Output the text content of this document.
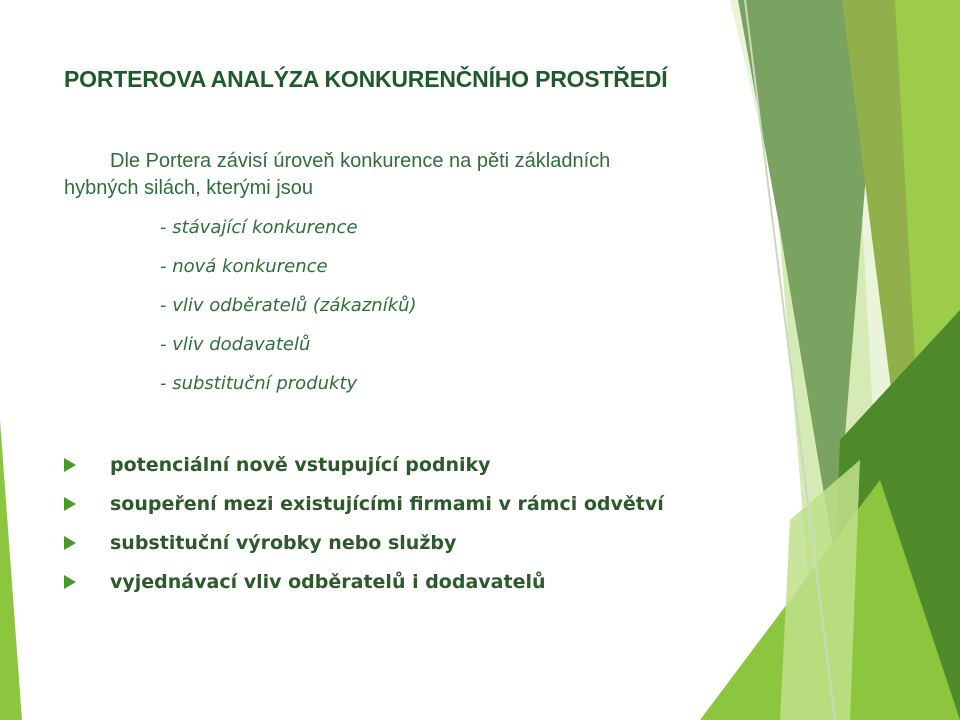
PORTEROVA ANALÝZA KONKURENČNÍHO PROSTŘEDÍ
Dle Portera závisí úroveň konkurence na pěti základních
hybných silách, kterými jsou
- stávající konkurence
- nová konkurence
- vliv odběratelů (zákazníků)
- vliv dodavatelů
- substituční produkty
potenciální nově vstupující podniky
soupeření mezi existujícími firmami v rámci odvětví
substituční výrobky nebo služby
vyjednávací vliv odběratelů i dodavatelů
